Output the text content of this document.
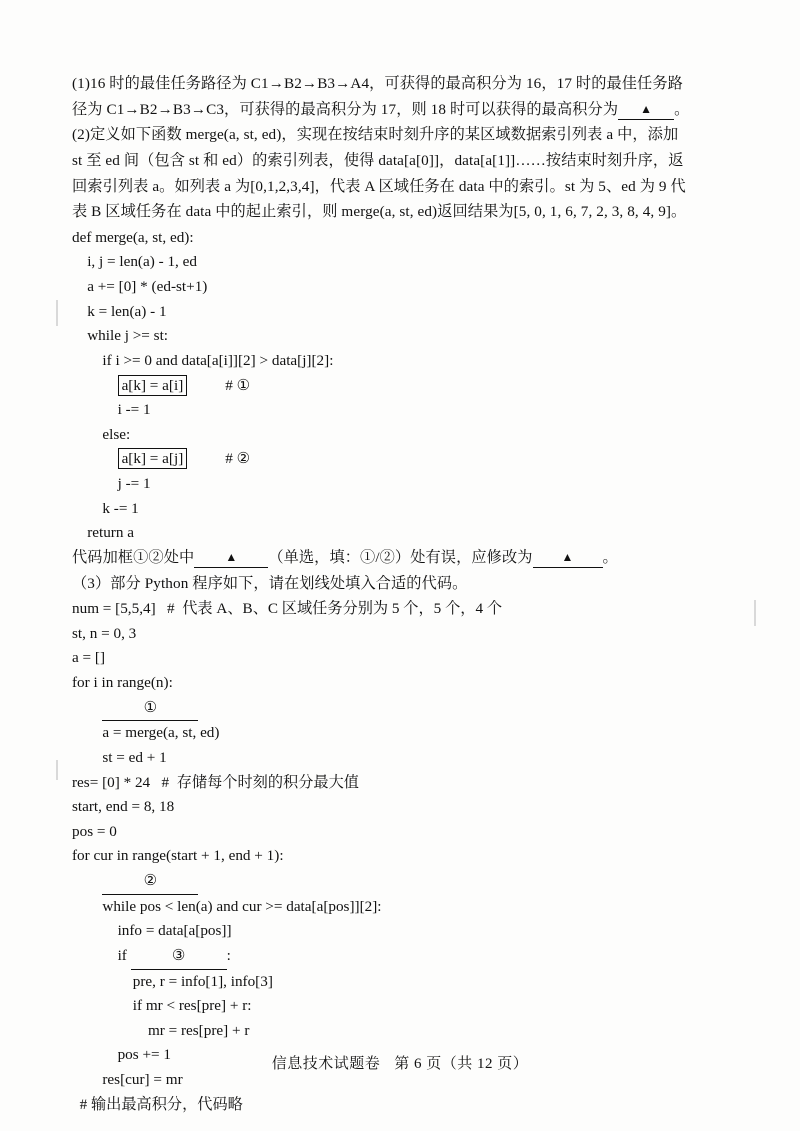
(1)16 时的最佳任务路径为 C1→B2→B3→A4，可获得的最高积分为 16，17 时的最佳任务路

径为 C1→B2→B3→C3，可获得的最高积分为 17，则 18 时可以获得的最高积分为 ▲ 。

(2)定义如下函数 merge(a, st, ed)，实现在按结束时刻升序的某区域数据索引列表 a 中，添加

st 至 ed 间（包含 st 和 ed）的索引列表，使得 data[a[0]]，data[a[1]]……按结束时刻升序，返

回索引列表 a。如列表 a 为[0,1,2,3,4]，代表 A 区域任务在 data 中的索引。st 为 5、ed 为 9 代

表 B 区域任务在 data 中的起止索引，则 merge(a, st, ed)返回结果为[5, 0, 1, 6, 7, 2, 3, 8, 4, 9]。

def merge(a, st, ed):
i, j = len(a) - 1, ed
a += [0] * (ed-st+1)
k = len(a) - 1
while j >= st:
if i >= 0 and data[a[i]][2] > data[j][2]:
a[k] = a[i]          # ①
i -= 1
else:
a[k] = a[j]          # ②
j -= 1
k -= 1
return a

代码加框①②处中	▲ （单选，填：①/②）处有误，应修改为 ▲ 。

（3）部分 Python 程序如下，请在划线处填入合适的代码。

num = [5,5,4]   #  代表 A、B、C 区域任务分别为 5 个，5 个，4 个
st, n = 0, 3
a = []
for i in range(n):
①
a = merge(a, st, ed)
st = ed + 1
res= [0] * 24   #  存储每个时刻的积分最大值
start, end = 8, 18
pos = 0
for cur in range(start + 1, end + 1):
②
while pos < len(a) and cur >= data[a[pos]][2]:
info = data[a[pos]]
if	③	:
pre, r = info[1], info[3]
if mr < res[pre] + r:
mr = res[pre] + r
pos += 1
res[cur] = mr
# 输出最高积分，代码略
信息技术试题卷 第 6 页（共 12 页）
